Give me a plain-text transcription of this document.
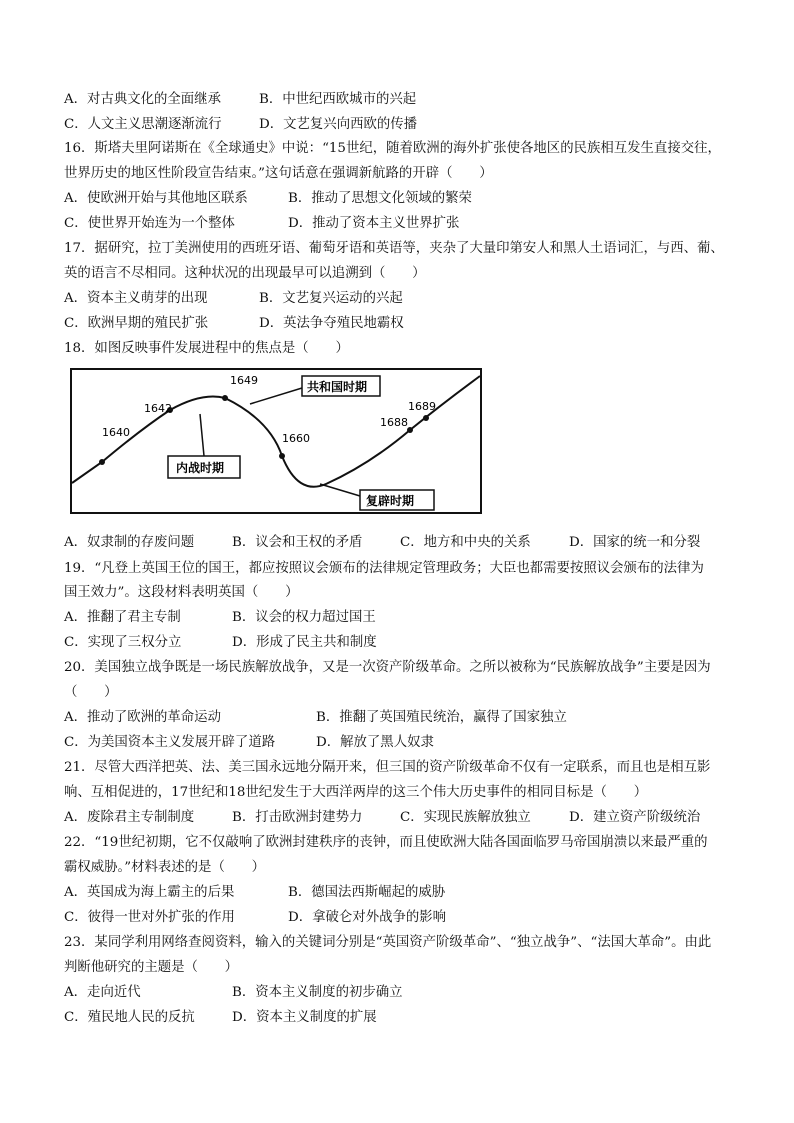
A．对古典文化的全面继承	B．中世纪西欧城市的兴起
C．人文主义思潮逐渐流行	D．文艺复兴向西欧的传播
16．斯塔夫里阿诺斯在《全球通史》中说：“15世纪，随着欧洲的海外扩张使各地区的民族相互发生直接交往，
世界历史的地区性阶段宣告结束。”这句话意在强调新航路的开辟（　　）
A．使欧洲开始与其他地区联系	B．推动了思想文化领域的繁荣
C．使世界开始连为一个整体	D．推动了资本主义世界扩张
17．据研究，拉丁美洲使用的西班牙语、葡萄牙语和英语等，夹杂了大量印第安人和黑人土语词汇，与西、葡、
英的语言不尽相同。这种状况的出现最早可以追溯到（　　）
A．资本主义萌芽的出现	B．文艺复兴运动的兴起
C．欧洲早期的殖民扩张	D．英法争夺殖民地霸权
18．如图反映事件发展进程中的焦点是（　　）
1640
1642
1649
1660
1688
1689
共和国时期
内战时期
复辟时期
A．奴隶制的存废问题	B．议会和王权的矛盾	C．地方和中央的关系	D．国家的统一和分裂
19．“凡登上英国王位的国王，都应按照议会颁布的法律规定管理政务；大臣也都需要按照议会颁布的法律为
国王效力”。这段材料表明英国（　　）
A．推翻了君主专制	B．议会的权力超过国王
C．实现了三权分立	D．形成了民主共和制度
20．美国独立战争既是一场民族解放战争，又是一次资产阶级革命。之所以被称为“民族解放战争”主要是因为
（　　）
A．推动了欧洲的革命运动	B．推翻了英国殖民统治，赢得了国家独立
C．为美国资本主义发展开辟了道路	D．解放了黑人奴隶
21．尽管大西洋把英、法、美三国永远地分隔开来，但三国的资产阶级革命不仅有一定联系，而且也是相互影
响、互相促进的，17世纪和18世纪发生于大西洋两岸的这三个伟大历史事件的相同目标是（　　）
A．废除君主专制制度	B．打击欧洲封建势力	C．实现民族解放独立	D．建立资产阶级统治
22．“19世纪初期，它不仅敲响了欧洲封建秩序的丧钟，而且使欧洲大陆各国面临罗马帝国崩溃以来最严重的
霸权威胁。”材料表述的是（　　）
A．英国成为海上霸主的后果	B．德国法西斯崛起的威胁
C．彼得一世对外扩张的作用	D．拿破仑对外战争的影响
23．某同学利用网络查阅资料，输入的关键词分别是“英国资产阶级革命”、“独立战争”、“法国大革命”。由此
判断他研究的主题是（　　）
A．走向近代	B．资本主义制度的初步确立
C．殖民地人民的反抗	D．资本主义制度的扩展
